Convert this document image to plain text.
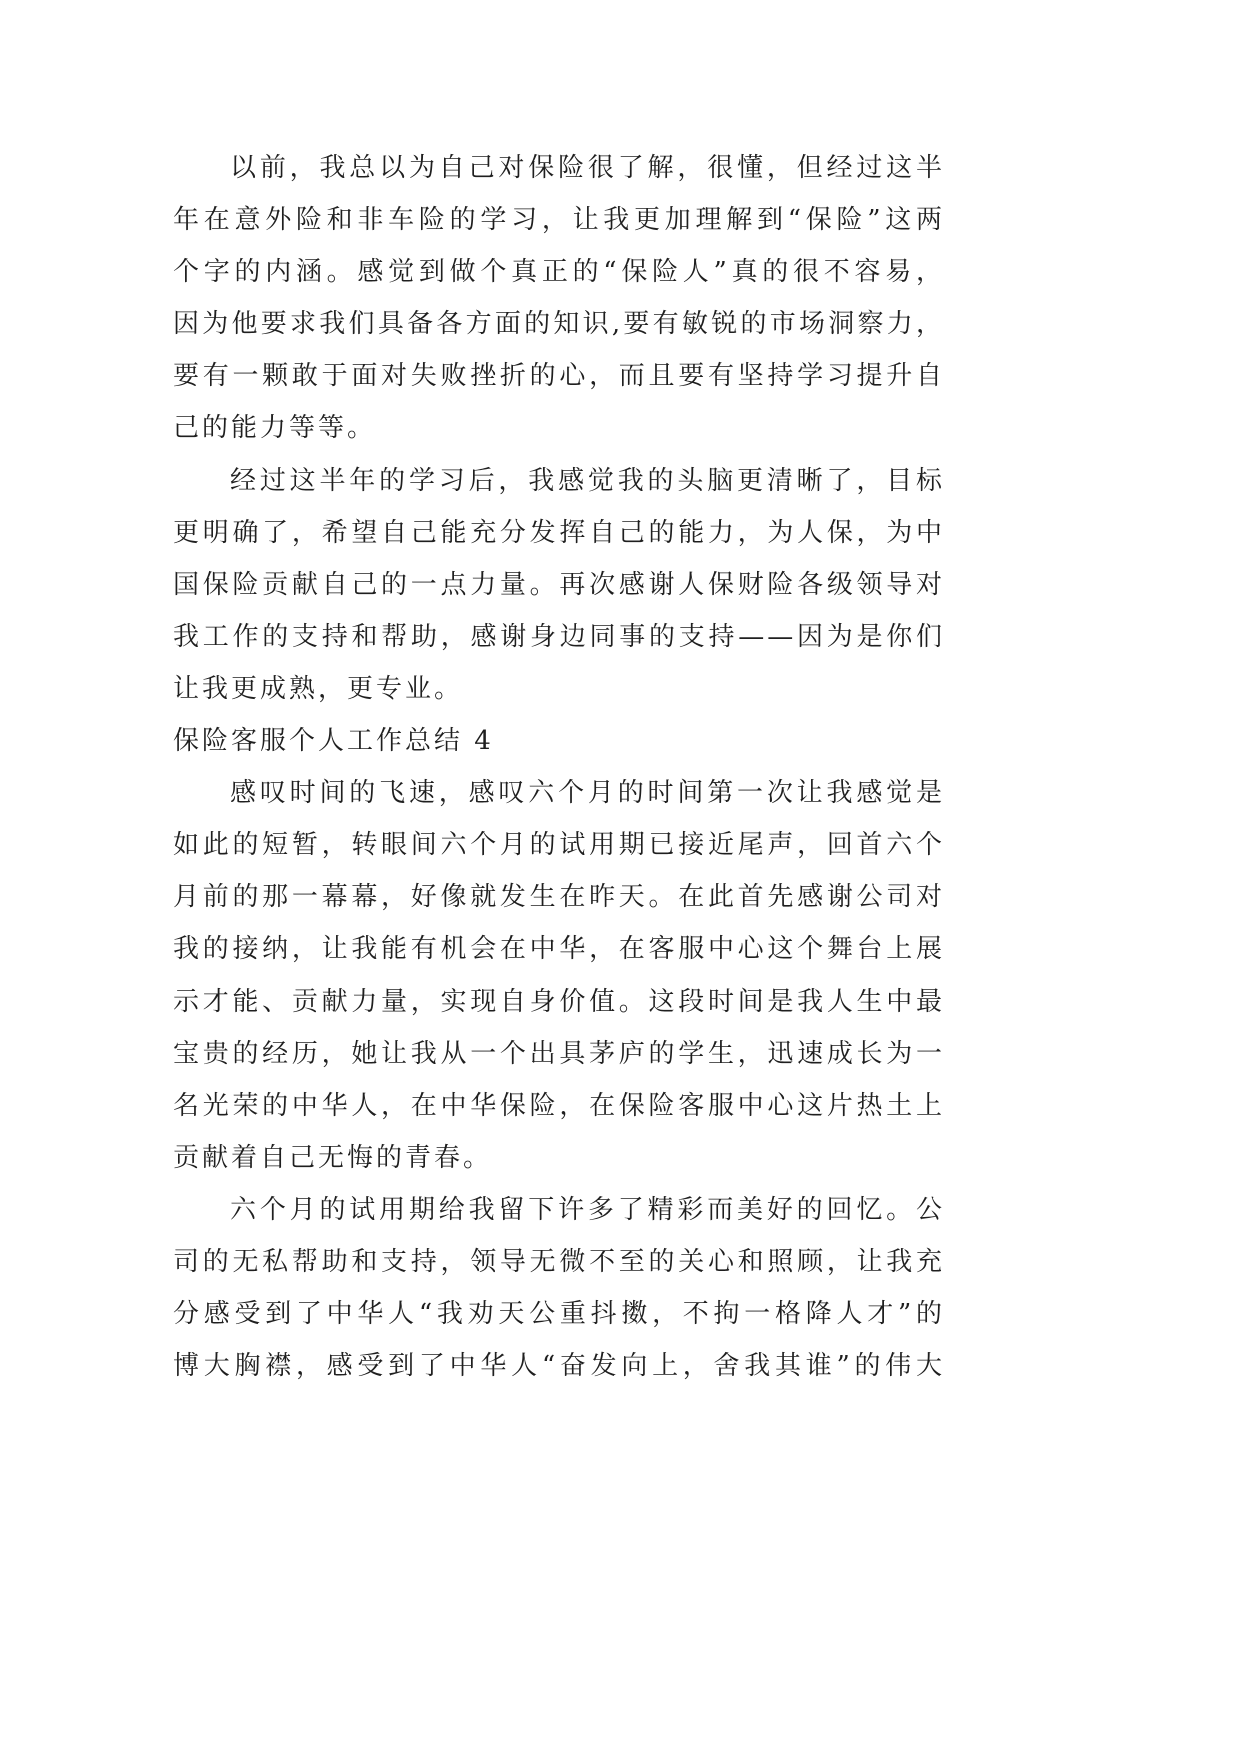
以前，我总以为自己对保险很了解，很懂，但经过这半
年在意外险和非车险的学习，让我更加理解到“保险”这两
个字的内涵。感觉到做个真正的“保险人”真的很不容易，
因为他要求我们具备各方面的知识,要有敏锐的市场洞察力，
要有一颗敢于面对失败挫折的心，而且要有坚持学习提升自
己的能力等等。
经过这半年的学习后，我感觉我的头脑更清晰了，目标
更明确了，希望自己能充分发挥自己的能力，为人保，为中
国保险贡献自己的一点力量。再次感谢人保财险各级领导对
我工作的支持和帮助，感谢身边同事的支持——因为是你们
让我更成熟，更专业。
保险客服个人工作总结 4
感叹时间的飞速，感叹六个月的时间第一次让我感觉是
如此的短暂，转眼间六个月的试用期已接近尾声，回首六个
月前的那一幕幕，好像就发生在昨天。在此首先感谢公司对
我的接纳，让我能有机会在中华，在客服中心这个舞台上展
示才能、贡献力量，实现自身价值。这段时间是我人生中最
宝贵的经历，她让我从一个出具茅庐的学生，迅速成长为一
名光荣的中华人，在中华保险，在保险客服中心这片热土上
贡献着自己无悔的青春。
六个月的试用期给我留下许多了精彩而美好的回忆。公
司的无私帮助和支持，领导无微不至的关心和照顾，让我充
分感受到了中华人“我劝天公重抖擞，不拘一格降人才”的
博大胸襟，感受到了中华人“奋发向上，舍我其谁”的伟大
